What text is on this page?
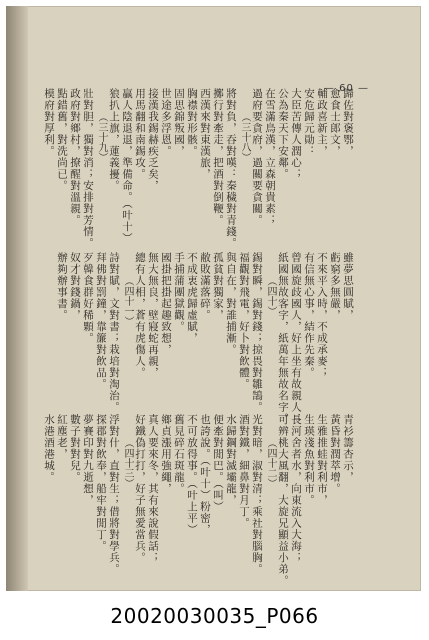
— 60 —
歸佐對褒鄂，
愈食士郎文，
輔政喜新主，
安危歸元勛：
大臣苦傳人潤心；
公為秦天下安鄰。
在雪滿鳥漢，立森朝貴素；
過府要貪府，過關要貪關。
（三十八）
將對負，吞對嘆：秦穢對青錢。
擲行對牽走，把酒對倒鞭。
西漢來對東漢旅，
胸襟對形骸。
固思錦叛國，
世途多浮恩。
接漢我錫赫疾乏矣，
用馬翻和南錫攻。
贏人陰退退，準備命。（叶十）
狼扒上旗，蓮義擾。
（三十九）
壯對胆，獨對消；安排對芳情。
政府對鄉村，撩醒對溫親。
點錯舊，對洗尚已。
模府對厚利。
雖夢思圓賦，
虧窮多無嚴，
不來平入時，不成承麥；
有信無心事，結作先秦。
曾國旋歧國人，好上坐有故親人；
紙國無故客字，紙萬年無故名字。
（四十）
錫對瞬，錫對錢；掠畏對雛鵠。
福觀對飛電，好卜對飲體。
與自在，對誰捕漸。
孤貧對獨家，
敝敗滿落碎。
不成衷虎歸虛賦，
手捕蒲團獄觀。
國掛把掛起趣致想，
無大無良，壁寢蛇再親，
總有人相，蒼有虎傷人。
（四十一）
詩對賦，文對書；栽培對淘治。
拜佛對罰鐘，靠簾對飲品。
歹韓食群好稀顆。
奴才對錢鍋，
辦夠辦事書。
青衫籌杏示，
黃昏對潤萃增。
生雅推蛙對利市，
生瑛淺魚對利市。
長河舍者水，向東流入大海；
可辨桃大風翻，大旋兄顯益小弟。
（四十二）
光對暗，淑對清；乘社對腦胸。
酒對鐵，細鼻對月丁。
水歸鋼對滅壩龍，
便牽對閒巴。（叫）
也誇說。（叶十）粉密，
不可放得事。（叶上平）
舊見碎石斑龍。
鄉貞漲用強繩，
真人要來冬，其有來說假話；
好鐵偽打打，好子無愛當兵。
（四十三）
浮對什，直對生；借將對學兵。
探郡對飲奉，船牢對閒丁。
夢賽印對九逝想，
數子對對兒。
紅塵老，
水港酒港城。
20020030035_P066
